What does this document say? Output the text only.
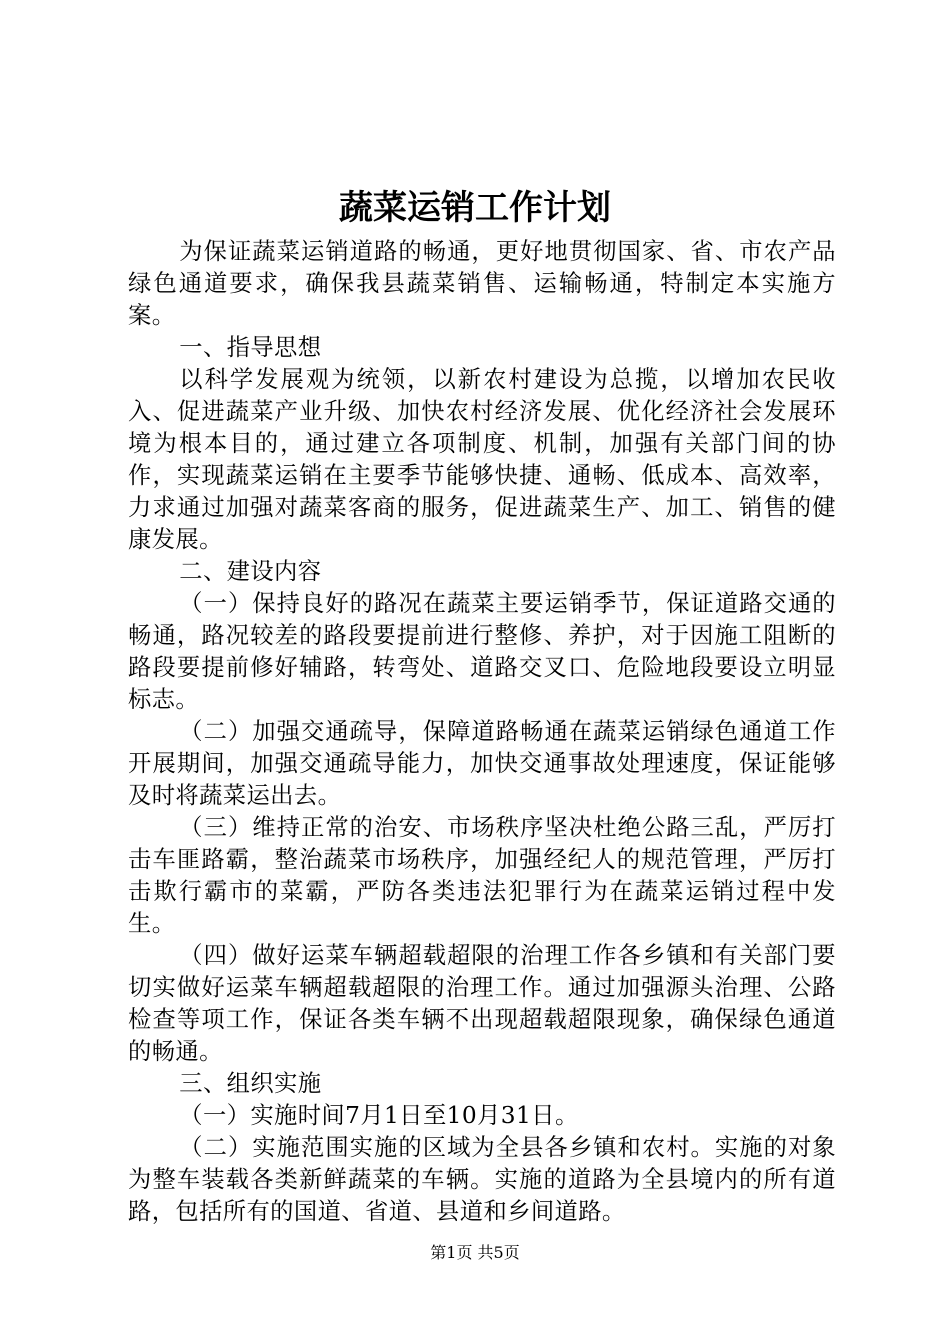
蔬菜运销工作计划

为保证蔬菜运销道路的畅通，更好地贯彻国家、省、市农产品绿色通道要求，确保我县蔬菜销售、运输畅通，特制定本实施方案。

一、指导思想

以科学发展观为统领，以新农村建设为总揽，以增加农民收入、促进蔬菜产业升级、加快农村经济发展、优化经济社会发展环境为根本目的，通过建立各项制度、机制，加强有关部门间的协作，实现蔬菜运销在主要季节能够快捷、通畅、低成本、高效率，力求通过加强对蔬菜客商的服务，促进蔬菜生产、加工、销售的健康发展。

二、建设内容

（一）保持良好的路况在蔬菜主要运销季节，保证道路交通的畅通，路况较差的路段要提前进行整修、养护，对于因施工阻断的路段要提前修好辅路，转弯处、道路交叉口、危险地段要设立明显标志。

（二）加强交通疏导，保障道路畅通在蔬菜运销绿色通道工作开展期间，加强交通疏导能力，加快交通事故处理速度，保证能够及时将蔬菜运出去。

（三）维持正常的治安、市场秩序坚决杜绝公路三乱，严厉打击车匪路霸，整治蔬菜市场秩序，加强经纪人的规范管理，严厉打击欺行霸市的菜霸，严防各类违法犯罪行为在蔬菜运销过程中发生。

（四）做好运菜车辆超载超限的治理工作各乡镇和有关部门要切实做好运菜车辆超载超限的治理工作。通过加强源头治理、公路检查等项工作，保证各类车辆不出现超载超限现象，确保绿色通道的畅通。

三、组织实施

（一）实施时间7月1日至10月31日。

（二）实施范围实施的区域为全县各乡镇和农村。实施的对象为整车装载各类新鲜蔬菜的车辆。实施的道路为全县境内的所有道路，包括所有的国道、省道、县道和乡间道路。

第1页 共5页
